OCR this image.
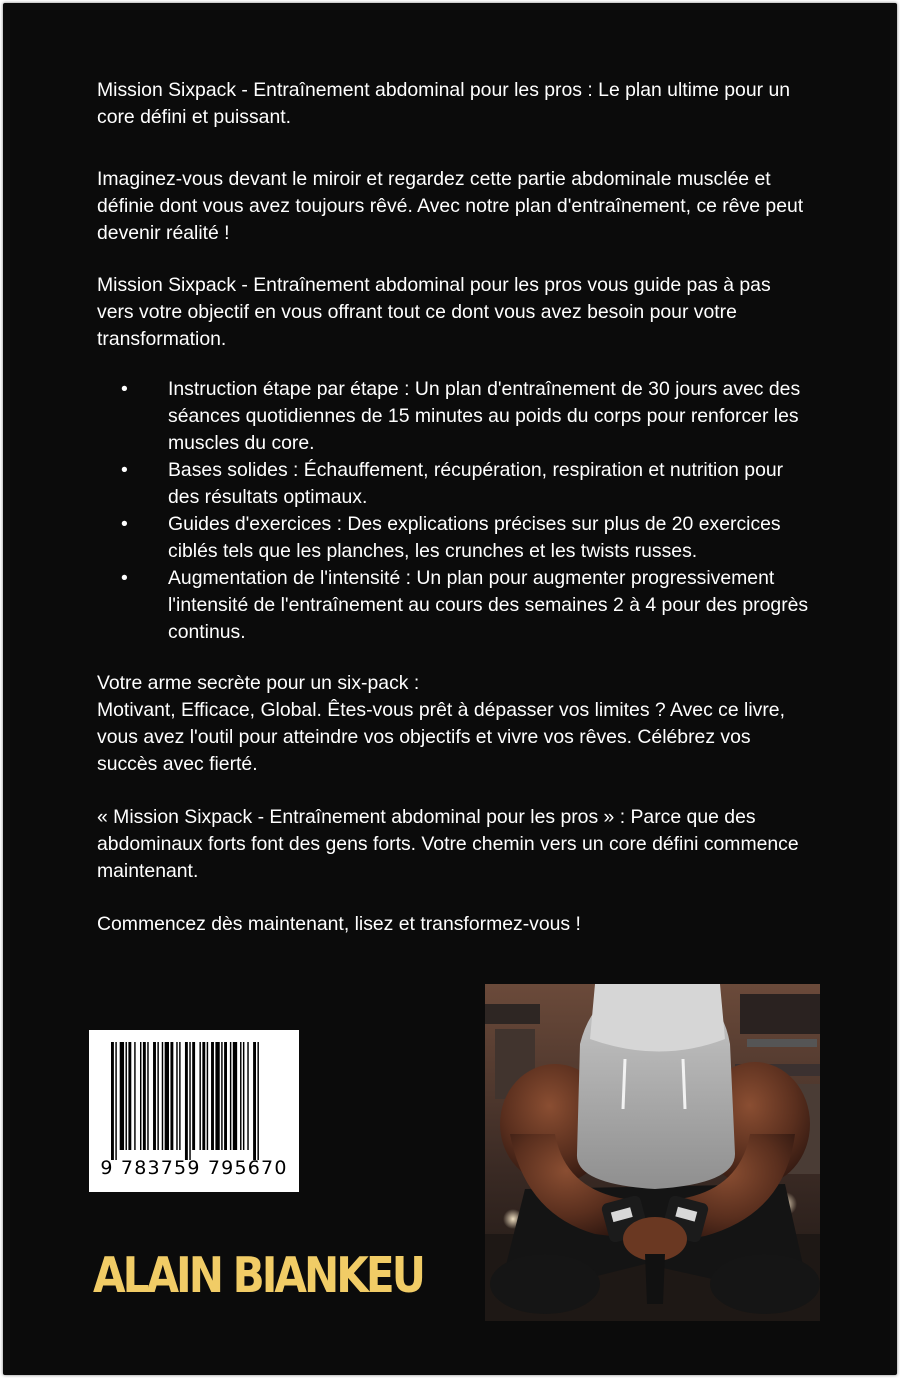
Mission Sixpack - Entraînement abdominal pour les pros : Le plan ultime pour un core défini et puissant.

Imaginez-vous devant le miroir et regardez cette partie abdominale musclée et définie dont vous avez toujours rêvé. Avec notre plan d'entraînement, ce rêve peut devenir réalité !

Mission Sixpack - Entraînement abdominal pour les pros vous guide pas à pas vers votre objectif en vous offrant tout ce dont vous avez besoin pour votre transformation.

• Instruction étape par étape : Un plan d'entraînement de 30 jours avec des séances quotidiennes de 15 minutes au poids du corps pour renforcer les muscles du core.
• Bases solides : Échauffement, récupération, respiration et nutrition pour des résultats optimaux.
• Guides d'exercices : Des explications précises sur plus de 20 exercices ciblés tels que les planches, les crunches et les twists russes.
• Augmentation de l'intensité : Un plan pour augmenter progressivement l'intensité de l'entraînement au cours des semaines 2 à 4 pour des progrès continus.

Votre arme secrète pour un six-pack :

Motivant, Efficace, Global. Êtes-vous prêt à dépasser vos limites ? Avec ce livre, vous avez l'outil pour atteindre vos objectifs et vivre vos rêves. Célébrez vos succès avec fierté.

« Mission Sixpack - Entraînement abdominal pour les pros » : Parce que des abdominaux forts font des gens forts. Votre chemin vers un core défini commence maintenant.

Commencez dès maintenant, lisez et transformez-vous !

9 783759 795670
ALAIN BIANKEU
